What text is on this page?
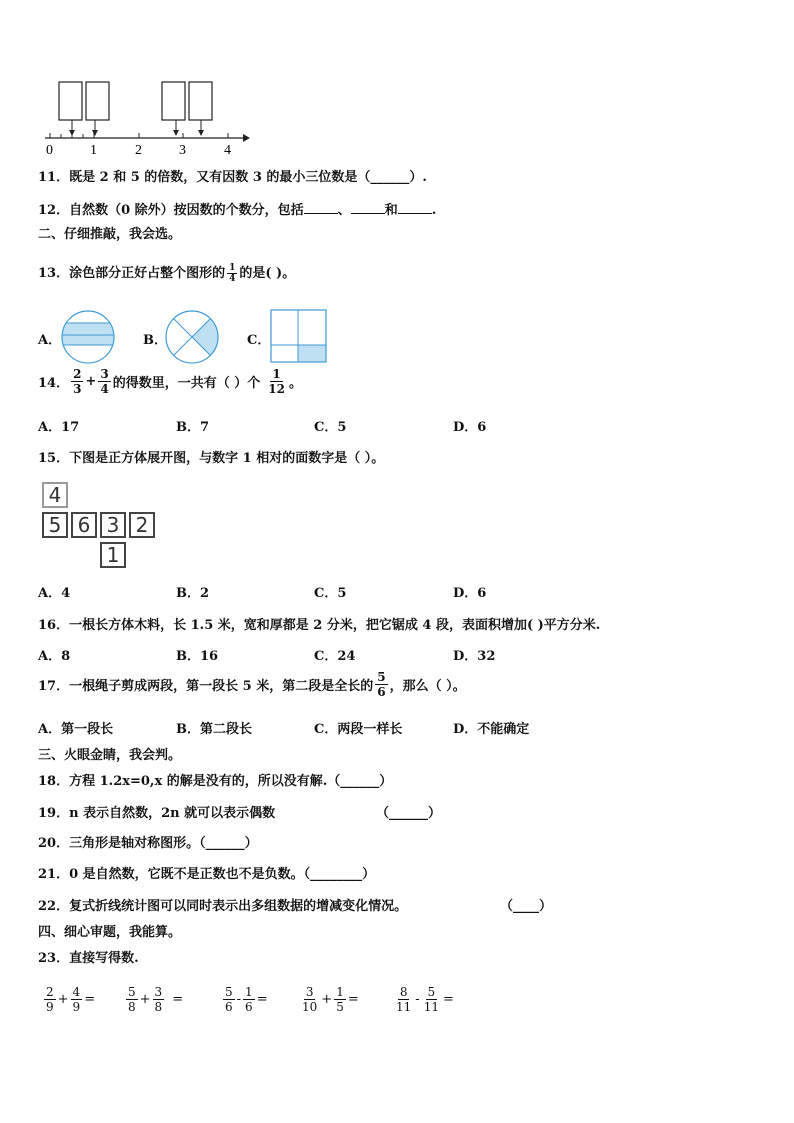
0	1	2	3	4
11．既是 2 和 5 的倍数，又有因数 3 的最小三位数是（______）.
12．自然数（0 除外）按因数的个数分，包括	、	和	.
二、仔细推敲，我会选。
13．涂色部分正好占整个图形的 $\frac{1}{4}$ 的是( )。
A．	B．	C．
14． $\frac{2}{3} + \frac{3}{4}$ 的得数里，一共有（ ）个 $\frac{1}{12}$ 。
A．17	B．7	C．5	D．6
15．下图是正方体展开图，与数字 1 相对的面数字是（ ）。
4
5 6 3 2
1
A．4	B．2	C．5	D．6
16．一根长方体木料，长 1.5 米，宽和厚都是 2 分米，把它锯成 4 段，表面积增加( )平方分米.
A．8	B．16	C．24	D．32
17． 一根绳子剪成两段，第一段长 5 米，第二段是全长的 $\frac{5}{6}$ ，那么（ ）。
A．第一段长	B．第二段长	C．两段一样长	D．不能确定
三、火眼金睛，我会判。
18．方程 1.2x=0,x 的解是没有的，所以没有解.（______）
19．n 表示自然数，2n 就可以表示偶数	（______）
20．三角形是轴对称图形。（______）
21．0 是自然数，它既不是正数也不是负数。（________）
22．复式折线统计图可以同时表示出多组数据的增减变化情况。	（____）
四、细心审题，我能算。
23．直接写得数.
$\frac{2}{9} + \frac{4}{9}$ =	$\frac{5}{8} + \frac{3}{8}$ =	$\frac{5}{6} - \frac{1}{6}$ =	$\frac{3}{10} + \frac{1}{5}$ =	$\frac{8}{11} - \frac{5}{11}$ =
